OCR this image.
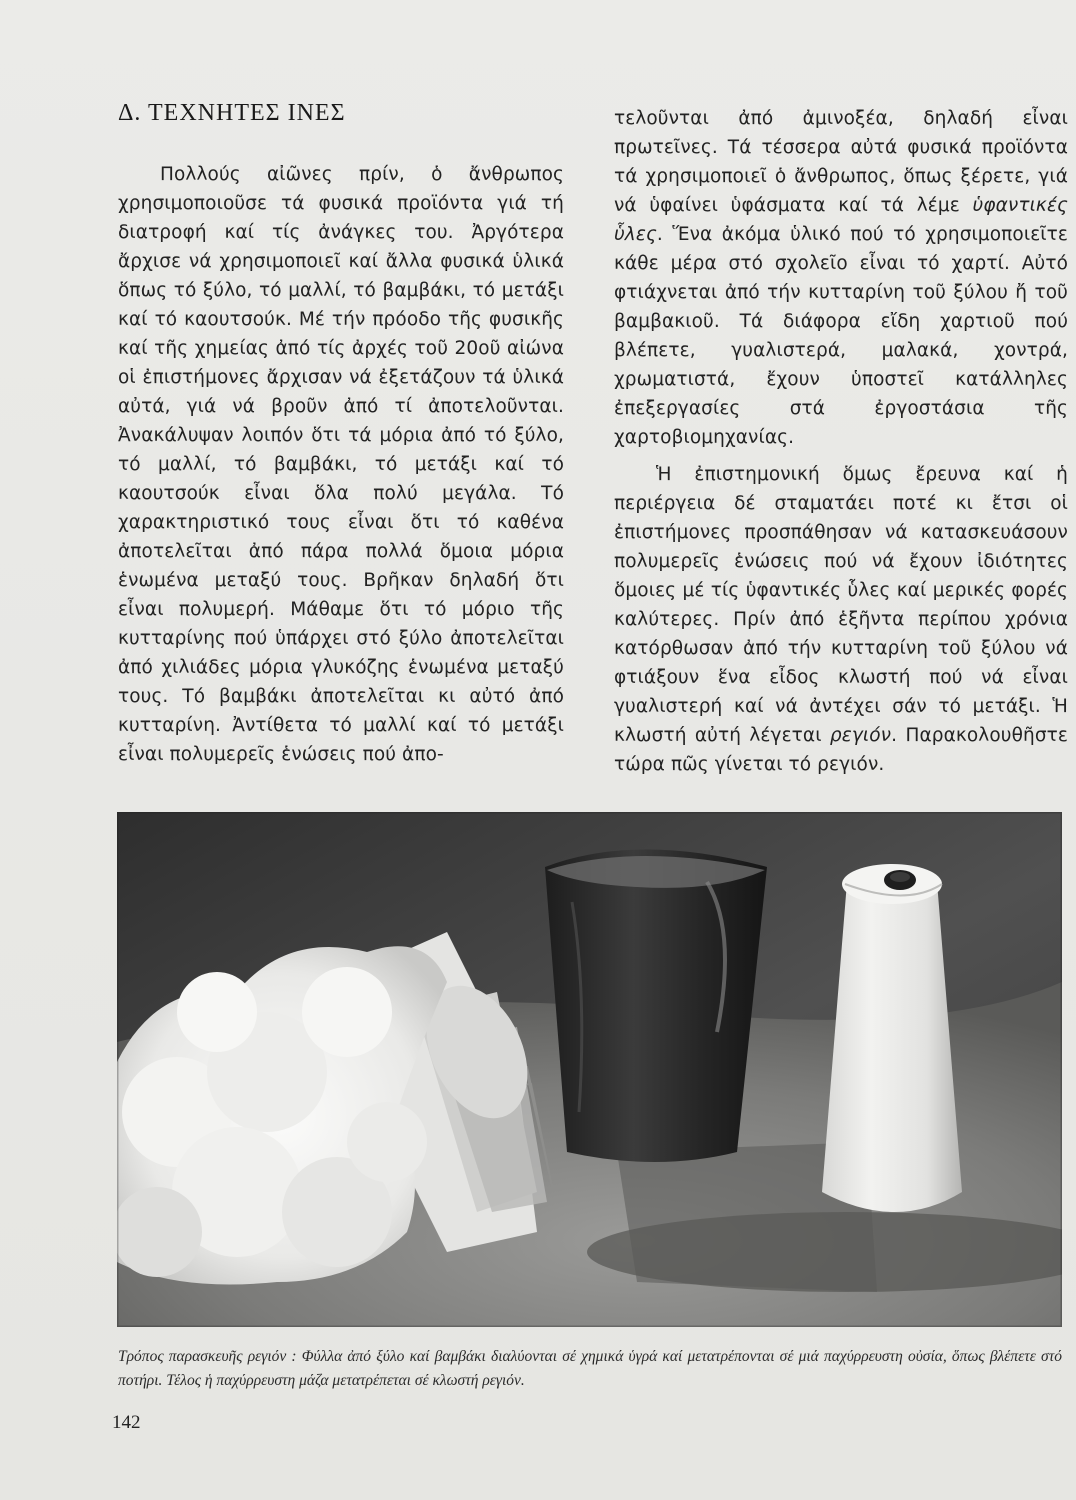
Δ. ΤΕΧΝΗΤΕΣ ΙΝΕΣ

Πολλούς αἰῶνες πρίν, ὁ ἄνθρωπος χρησιμοποιοῦσε τά φυσικά προϊόντα γιά τή διατροφή καί τίς ἀνάγκες του. Ἀργότερα ἄρχισε νά χρησιμοποιεῖ καί ἄλλα φυσικά ὑλικά ὅπως τό ξύλο, τό μαλλί, τό βαμβάκι, τό μετάξι καί τό καουτσούκ. Μέ τήν πρόοδο τῆς φυσικῆς καί τῆς χημείας ἀπό τίς ἀρχές τοῦ 20οῦ αἰώνα οἱ ἐπιστήμονες ἄρχισαν νά ἐξετάζουν τά ὑλικά αὐτά, γιά νά βροῦν ἀπό τί ἀποτελοῦνται. Ἀνακάλυψαν λοιπόν ὅτι τά μόρια ἀπό τό ξύλο, τό μαλλί, τό βαμβάκι, τό μετάξι καί τό καουτσούκ εἶναι ὅλα πολύ μεγάλα. Τό χαρακτηριστικό τους εἶναι ὅτι τό καθένα ἀποτελεῖται ἀπό πάρα πολλά ὅμοια μόρια ἑνωμένα μεταξύ τους. Βρῆκαν δηλαδή ὅτι εἶναι πολυμερή. Μάθαμε ὅτι τό μόριο τῆς κυτταρίνης πού ὑπάρχει στό ξύλο ἀποτελεῖται ἀπό χιλιάδες μόρια γλυκόζης ἑνωμένα μεταξύ τους. Τό βαμβάκι ἀποτελεῖται κι αὐτό ἀπό κυτταρίνη. Ἀντίθετα τό μαλλί καί τό μετάξι εἶναι πολυμερεῖς ἑνώσεις πού ἀπο-

τελοῦνται ἀπό ἀμινοξέα, δηλαδή εἶναι πρωτεῖνες. Τά τέσσερα αὐτά φυσικά προϊόντα τά χρησιμοποιεῖ ὁ ἄνθρωπος, ὅπως ξέρετε, γιά νά ὑφαίνει ὑφάσματα καί τά λέμε ὑφαντικές ὗλες. Ἕνα ἀκόμα ὑλικό πού τό χρησιμοποιεῖτε κάθε μέρα στό σχολεῖο εἶναι τό χαρτί. Αὐτό φτιάχνεται ἀπό τήν κυτταρίνη τοῦ ξύλου ἤ τοῦ βαμβακιοῦ. Τά διάφορα εἴδη χαρτιοῦ πού βλέπετε, γυαλιστερά, μαλακά, χοντρά, χρωματιστά, ἔχουν ὑποστεῖ κατάλληλες ἐπεξεργασίες στά ἐργοστάσια τῆς χαρτοβιομηχανίας.

Ἡ ἐπιστημονική ὅμως ἔρευνα καί ἡ περιέργεια δέ σταματάει ποτέ κι ἔτσι οἱ ἐπιστήμονες προσπάθησαν νά κατασκευάσουν πολυμερεῖς ἑνώσεις πού νά ἔχουν ἰδιότητες ὅμοιες μέ τίς ὑφαντικές ὗλες καί μερικές φορές καλύτερες. Πρίν ἀπό ἑξῆντα περίπου χρόνια κατόρθωσαν ἀπό τήν κυτταρίνη τοῦ ξύλου νά φτιάξουν ἕνα εἶδος κλωστή πού νά εἶναι γυαλιστερή καί νά ἀντέχει σάν τό μετάξι. Ἡ κλωστή αὐτή λέγεται ρεγιόν. Παρακολουθῆστε τώρα πῶς γίνεται τό ρεγιόν.

Τρόπος παρασκευῆς ρεγιόν : Φύλλα ἀπό ξύλο καί βαμβάκι διαλύονται σέ χημικά ὑγρά καί μετατρέπονται σέ μιά παχύρρευστη οὐσία, ὅπως βλέπετε στό ποτήρι. Τέλος ἡ παχύρρευστη μάζα μετατρέπεται σέ κλωστή ρεγιόν.

142
